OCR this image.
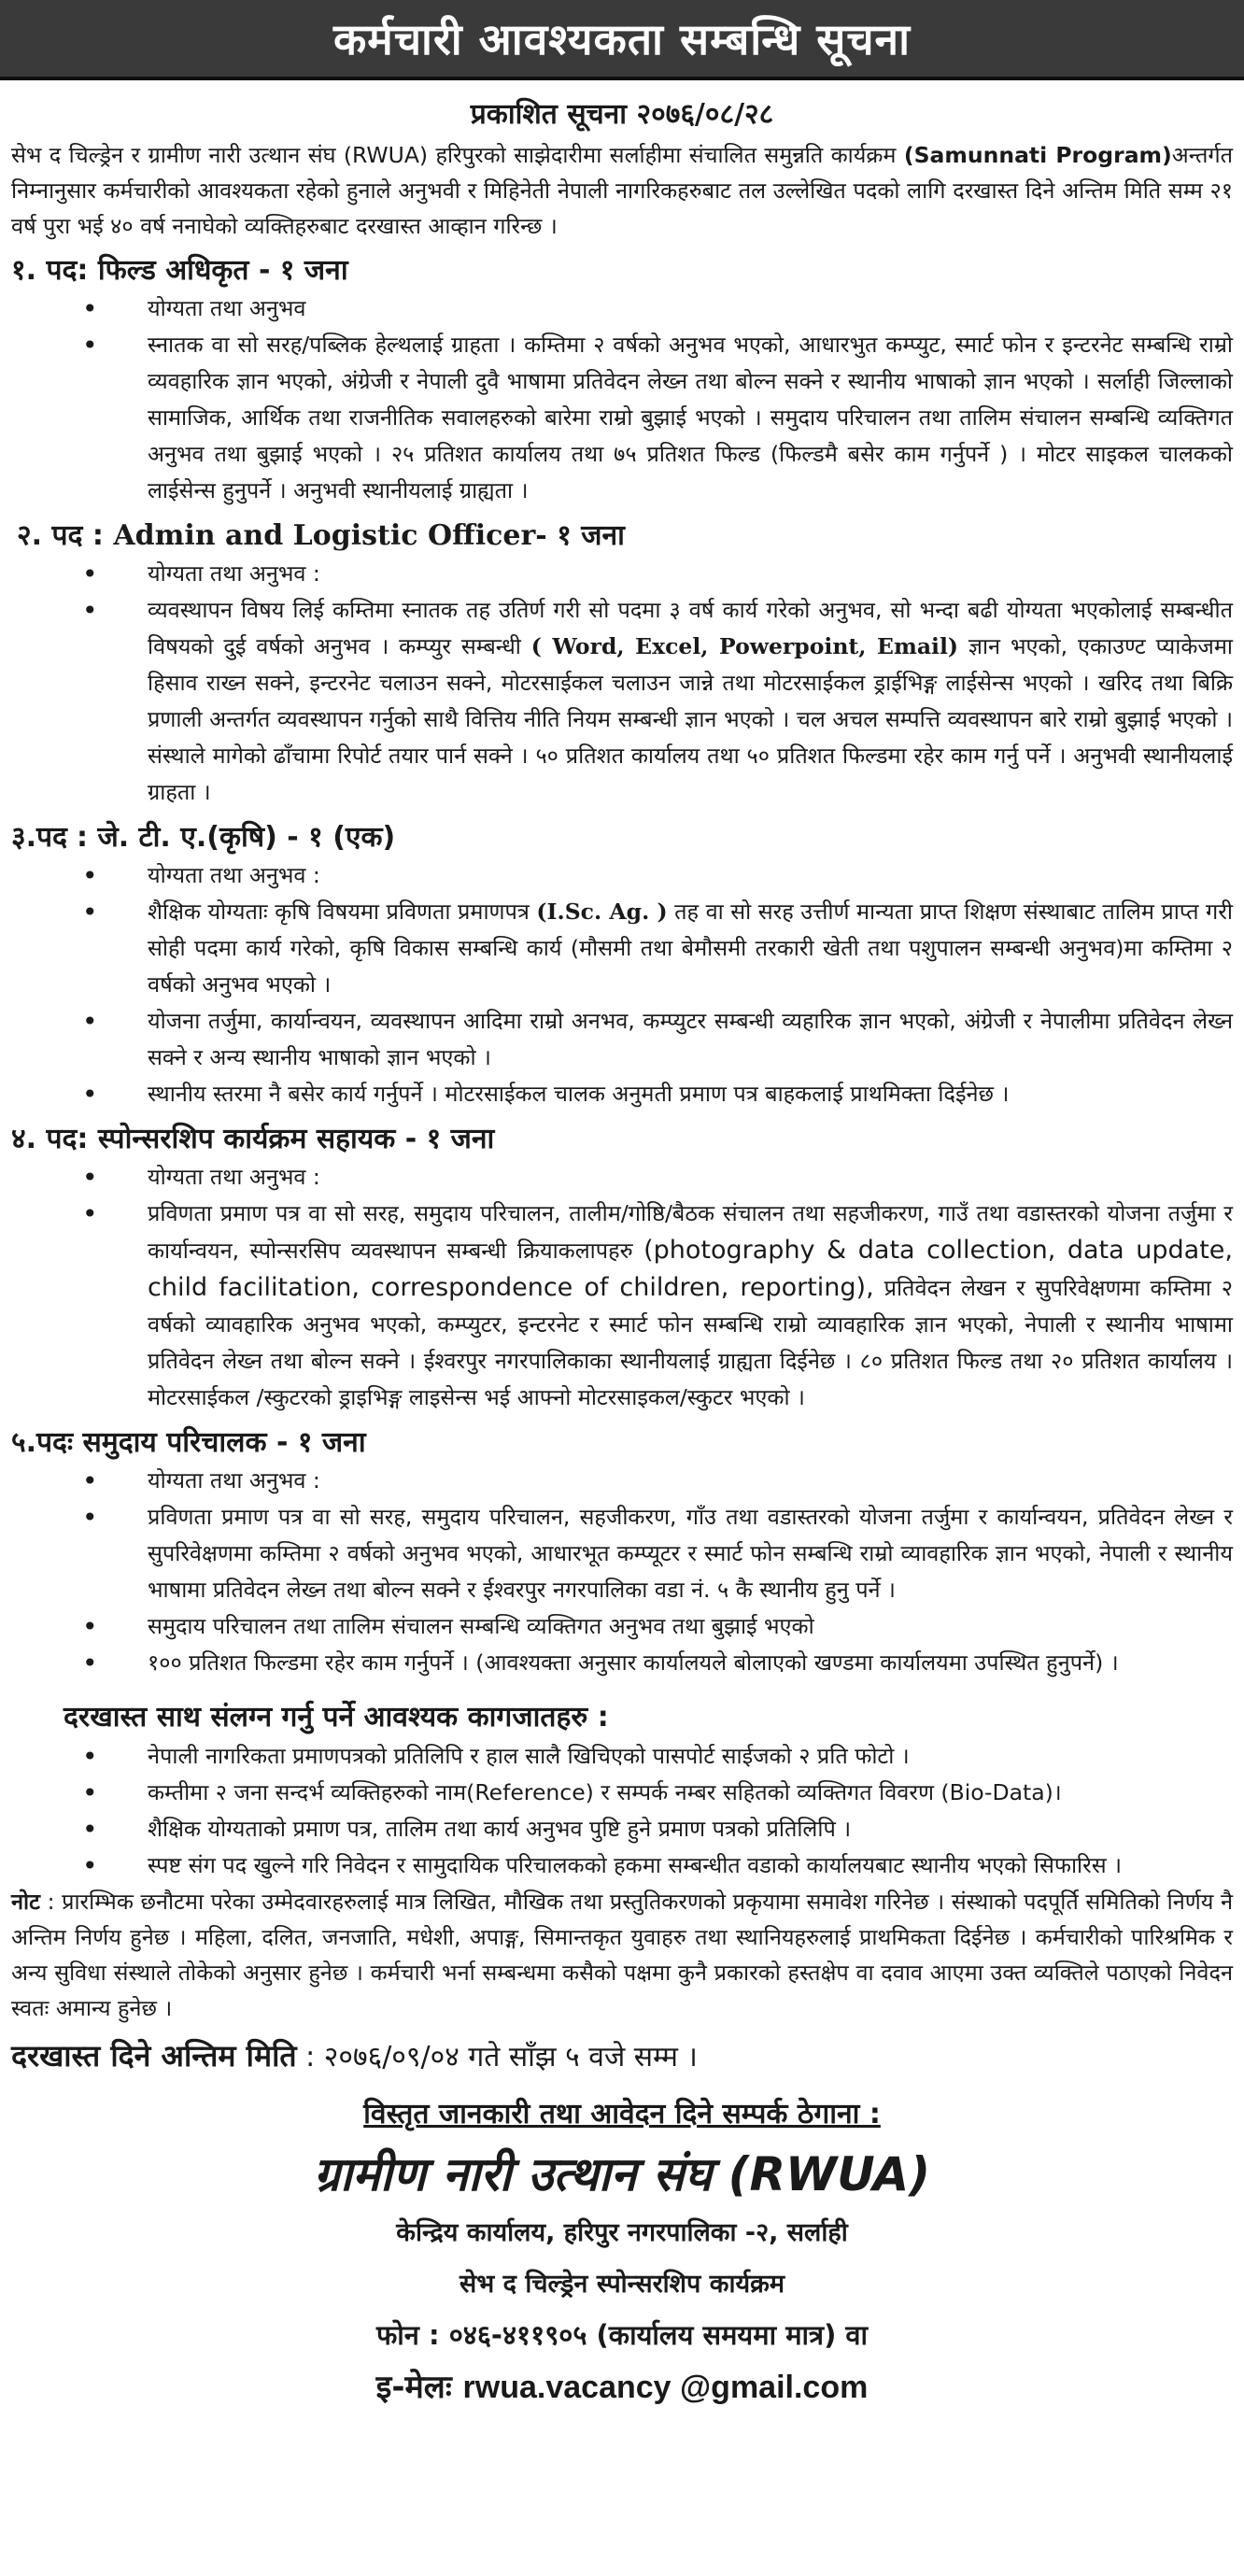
कर्मचारी आवश्यकता सम्बन्धि सूचना
प्रकाशित सूचना २०७६/०८/२८
सेभ द चिल्ड्रेन र ग्रामीण नारी उत्थान संघ (RWUA) हरिपुरको साझेदारीमा सर्लाहीमा संचालित समुन्नति कार्यक्रम (Samunnati Program)अन्तर्गत निम्नानुसार कर्मचारीको आवश्यकता रहेको हुनाले अनुभवी र मिहिनेती नेपाली नागरिकहरुबाट तल उल्लेखित पदको लागि दरखास्त दिने अन्तिम मिति सम्म २१ वर्ष पुरा भई ४० वर्ष ननाघेको व्यक्तिहरुबाट दरखास्त आव्हान गरिन्छ ।
१. पद: फिल्ड अधिकृत - १ जना
• योग्यता तथा अनुभव
• स्नातक वा सो सरह/पब्लिक हेल्थलाई ग्राहता । कम्तिमा २ वर्षको अनुभव भएको, आधारभुत कम्प्युट, स्मार्ट फोन र इन्टरनेट सम्बन्धि राम्रो व्यवहारिक ज्ञान भएको, अंग्रेजी र नेपाली दुवै भाषामा प्रतिवेदन लेख्न तथा बोल्न सक्ने र स्थानीय भाषाको ज्ञान भएको । सर्लाही जिल्लाको सामाजिक, आर्थिक तथा राजनीतिक सवालहरुको बारेमा राम्रो बुझाई भएको । समुदाय परिचालन तथा तालिम संचालन सम्बन्धि व्यक्तिगत अनुभव तथा बुझाई भएको । २५ प्रतिशत कार्यालय तथा ७५ प्रतिशत फिल्ड (फिल्डमै बसेर काम गर्नुपर्ने ) । मोटर साइकल चालकको लाईसेन्स हुनुपर्ने । अनुभवी स्थानीयलाई ग्राह्यता ।
२. पद : Admin and Logistic Officer- १ जना
• योग्यता तथा अनुभव :
• व्यवस्थापन विषय लिई कम्तिमा स्नातक तह उतिर्ण गरी सो पदमा ३ वर्ष कार्य गरेको अनुभव, सो भन्दा बढी योग्यता भएकोलाई सम्बन्धीत विषयको दुई वर्षको अनुभव । कम्प्युर सम्बन्धी ( Word, Excel, Powerpoint, Email) ज्ञान भएको, एकाउण्ट प्याकेजमा हिसाव राख्न सक्ने, इन्टरनेट चलाउन सक्ने, मोटरसाईकल चलाउन जान्ने तथा मोटरसाईकल ड्राईभिङ्ग लाईसेन्स भएको । खरिद तथा बिक्रि प्रणाली अन्तर्गत व्यवस्थापन गर्नुको साथै वित्तिय नीति नियम सम्बन्धी ज्ञान भएको । चल अचल सम्पत्ति व्यवस्थापन बारे राम्रो बुझाई भएको । संस्थाले मागेको ढाँचामा रिपोर्ट तयार पार्न सक्ने । ५० प्रतिशत कार्यालय तथा ५० प्रतिशत फिल्डमा रहेर काम गर्नु पर्ने । अनुभवी स्थानीयलाई ग्राहता ।
३.पद : जे. टी. ए.(कृषि) - १ (एक)
• योग्यता तथा अनुभव :
• शैक्षिक योग्यताः कृषि विषयमा प्रविणता प्रमाणपत्र (I.Sc. Ag. ) तह वा सो सरह उत्तीर्ण मान्यता प्राप्त शिक्षण संस्थाबाट तालिम प्राप्त गरी सोही पदमा कार्य गरेको, कृषि विकास सम्बन्धि कार्य (मौसमी तथा बेमौसमी तरकारी खेती तथा पशुपालन सम्बन्धी अनुभव)मा कम्तिमा २ वर्षको अनुभव भएको ।
• योजना तर्जुमा, कार्यान्वयन, व्यवस्थापन आदिमा राम्रो अनभव, कम्प्युटर सम्बन्धी व्यहारिक ज्ञान भएको, अंग्रेजी र नेपालीमा प्रतिवेदन लेख्न सक्ने र अन्य स्थानीय भाषाको ज्ञान भएको ।
• स्थानीय स्तरमा नै बसेर कार्य गर्नुपर्ने । मोटरसाईकल चालक अनुमती प्रमाण पत्र बाहकलाई प्राथमिक्ता दिईनेछ ।
४. पद: स्पोन्सरशिप कार्यक्रम सहायक - १ जना
• योग्यता तथा अनुभव :
• प्रविणता प्रमाण पत्र वा सो सरह, समुदाय परिचालन, तालीम/गोष्ठि/बैठक संचालन तथा सहजीकरण, गाउँ तथा वडास्तरको योजना तर्जुमा र कार्यान्वयन, स्पोन्सरसिप व्यवस्थापन सम्बन्धी क्रियाकलापहरु (photography & data collection, data update, child facilitation, correspondence of children, reporting), प्रतिवेदन लेखन र सुपरिवेक्षणमा कम्तिमा २ वर्षको व्यावहारिक अनुभव भएको, कम्प्युटर, इन्टरनेट र स्मार्ट फोन सम्बन्धि राम्रो व्यावहारिक ज्ञान भएको, नेपाली र स्थानीय भाषामा प्रतिवेदन लेख्न तथा बोल्न सक्ने । ईश्वरपुर नगरपालिकाका स्थानीयलाई ग्राह्यता दिईनेछ । ८० प्रतिशत फिल्ड तथा २० प्रतिशत कार्यालय । मोटरसाईकल /स्कुटरको ड्राइभिङ्ग लाइसेन्स भई आफ्नो मोटरसाइकल/स्कुटर भएको ।
५.पदः समुदाय परिचालक - १ जना
• योग्यता तथा अनुभव :
• प्रविणता प्रमाण पत्र वा सो सरह, समुदाय परिचालन, सहजीकरण, गाँउ तथा वडास्तरको योजना तर्जुमा र कार्यान्वयन, प्रतिवेदन लेख्न र सुपरिवेक्षणमा कम्तिमा २ वर्षको अनुभव भएको, आधारभूत कम्प्यूटर र स्मार्ट फोन सम्बन्धि राम्रो व्यावहारिक ज्ञान भएको, नेपाली र स्थानीय भाषामा प्रतिवेदन लेख्न तथा बोल्न सक्ने र ईश्वरपुर नगरपालिका वडा नं. ५ कै स्थानीय हुनु पर्ने ।
• समुदाय परिचालन तथा तालिम संचालन सम्बन्धि व्यक्तिगत अनुभव तथा बुझाई भएको
• १०० प्रतिशत फिल्डमा रहेर काम गर्नुपर्ने । (आवश्यक्ता अनुसार कार्यालयले बोलाएको खण्डमा कार्यालयमा उपस्थित हुनुपर्ने) ।
दरखास्त साथ संलग्न गर्नु पर्ने आवश्यक कागजातहरु :
• नेपाली नागरिकता प्रमाणपत्रको प्रतिलिपि र हाल सालै खिचिएको पासपोर्ट साईजको २ प्रति फोटो ।
• कम्तीमा २ जना सन्दर्भ व्यक्तिहरुको नाम(Reference) र सम्पर्क नम्बर सहितको व्यक्तिगत विवरण (Bio-Data)।
• शैक्षिक योग्यताको प्रमाण पत्र, तालिम तथा कार्य अनुभव पुष्टि हुने प्रमाण पत्रको प्रतिलिपि ।
• स्पष्ट संग पद खुल्ने गरि निवेदन र सामुदायिक परिचालकको हकमा सम्बन्धीत वडाको कार्यालयबाट स्थानीय भएको सिफारिस ।
नोट : प्रारम्भिक छनौटमा परेका उम्मेदवारहरुलाई मात्र लिखित, मौखिक तथा प्रस्तुतिकरणको प्रकृयामा समावेश गरिनेछ । संस्थाको पदपूर्ति समितिको निर्णय नै अन्तिम निर्णय हुनेछ । महिला, दलित, जनजाति, मधेशी, अपाङ्ग, सिमान्तकृत युवाहरु तथा स्थानियहरुलाई प्राथमिकता दिईनेछ । कर्मचारीको पारिश्रमिक र अन्य सुविधा संस्थाले तोकेको अनुसार हुनेछ । कर्मचारी भर्ना सम्बन्धमा कसैको पक्षमा कुनै प्रकारको हस्तक्षेप वा दवाव आएमा उक्त व्यक्तिले पठाएको निवेदन स्वतः अमान्य हुनेछ ।
दरखास्त दिने अन्तिम मिति : २०७६/०९/०४ गते साँझ ५ वजे सम्म ।
विस्तृत जानकारी तथा आवेदन दिने सम्पर्क ठेगाना :
ग्रामीण नारी उत्थान संघ (RWUA)
केन्द्रिय कार्यालय, हरिपुर नगरपालिका -२, सर्लाही
सेभ द चिल्ड्रेन स्पोन्सरशिप कार्यक्रम
फोन : ०४६-४११९०५ (कार्यालय समयमा मात्र) वा
इ-मेलः rwua.vacancy @gmail.com
